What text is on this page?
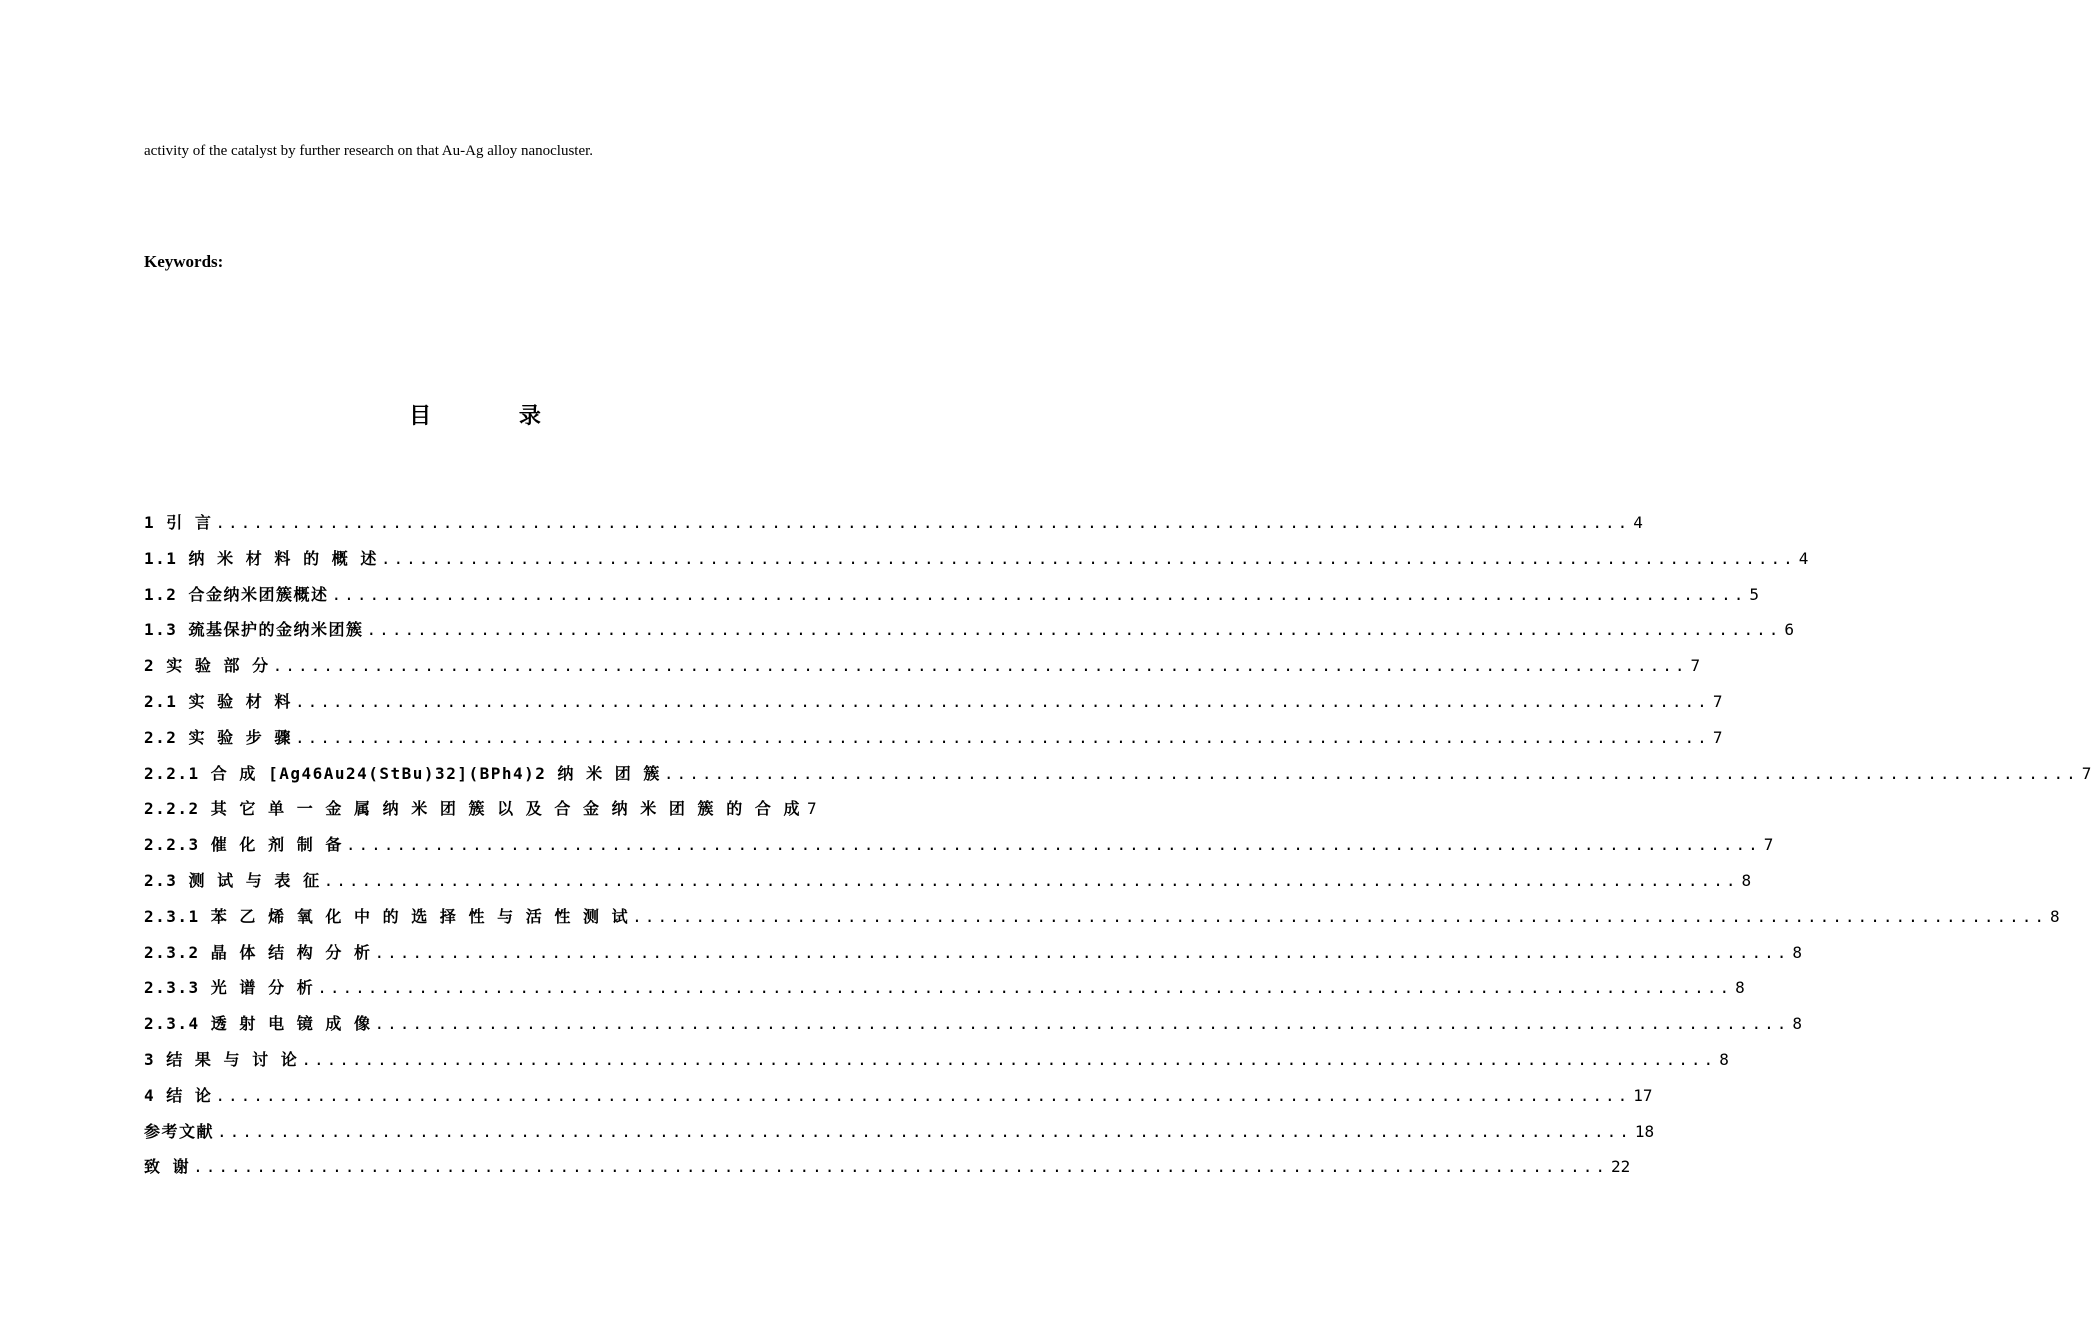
activity of the catalyst by further research on that Au-Ag alloy nanocluster.
Keywords:
目 录
1 引 言 .....	4
1.1 纳 米 材 料 的 概 述 .....	4
1.2 合金纳米团簇概述 .....	5
1.3 巯基保护的金纳米团簇 .....	6
2 实 验 部 分 .....	7
2.1 实 验 材 料 .....	7
2.2 实 验 步 骤 .....	7
2.2.1 合 成 [Ag46Au24(StBu)32](BPh4)2 纳 米 团 簇 .....	7
2.2.2 其 它 单 一 金 属 纳 米 团 簇 以 及 合 金 纳 米 团 簇 的 合 成 7
2.2.3 催 化 剂 制 备 .....	7
2.3 测 试 与 表 征 .....	8
2.3.1 苯 乙 烯 氧 化 中 的 选 择 性 与 活 性 测 试 .....	8
2.3.2 晶 体 结 构 分 析 .....	8
2.3.3 光 谱 分 析 .....	8
2.3.4 透 射 电 镜 成 像 .....	8
3 结 果 与 讨 论 .....	8
4 结 论 .....	17
参考文献 .....	18
致 谢 .....	22
